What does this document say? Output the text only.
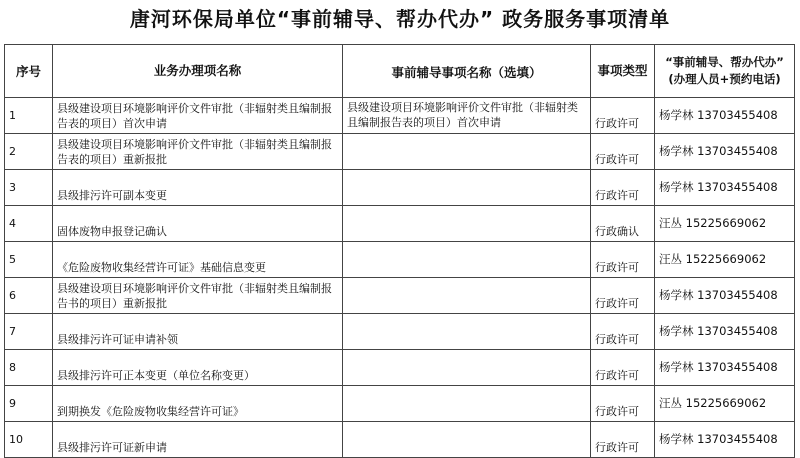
唐河环保局单位“事前辅导、帮办代办” 政务服务事项清单
序号	业务办理项名称	事前辅导事项名称（选填）	事项类型	“事前辅导、帮办代办”
(办理人员+预约电话)

1	县级建设项目环境影响评价文件审批（非辐射类且编制报告表的项目）首次申请	县级建设项目环境影响评价文件审批（非辐射类且编制报告表的项目）首次申请	行政许可	杨学林 13703455408
2	县级建设项目环境影响评价文件审批（非辐射类且编制报告表的项目）重新报批		行政许可	杨学林 13703455408
3	县级排污许可副本变更		行政许可	杨学林 13703455408
4	固体废物申报登记确认		行政确认	汪丛 15225669062
5	《危险废物收集经营许可证》基础信息变更		行政许可	汪丛 15225669062
6	县级建设项目环境影响评价文件审批（非辐射类且编制报告书的项目）重新报批		行政许可	杨学林 13703455408
7	县级排污许可证申请补领		行政许可	杨学林 13703455408
8	县级排污许可正本变更（单位名称变更）		行政许可	杨学林 13703455408
9	到期换发《危险废物收集经营许可证》		行政许可	汪丛 15225669062
10	县级排污许可证新申请		行政许可	杨学林 13703455408
